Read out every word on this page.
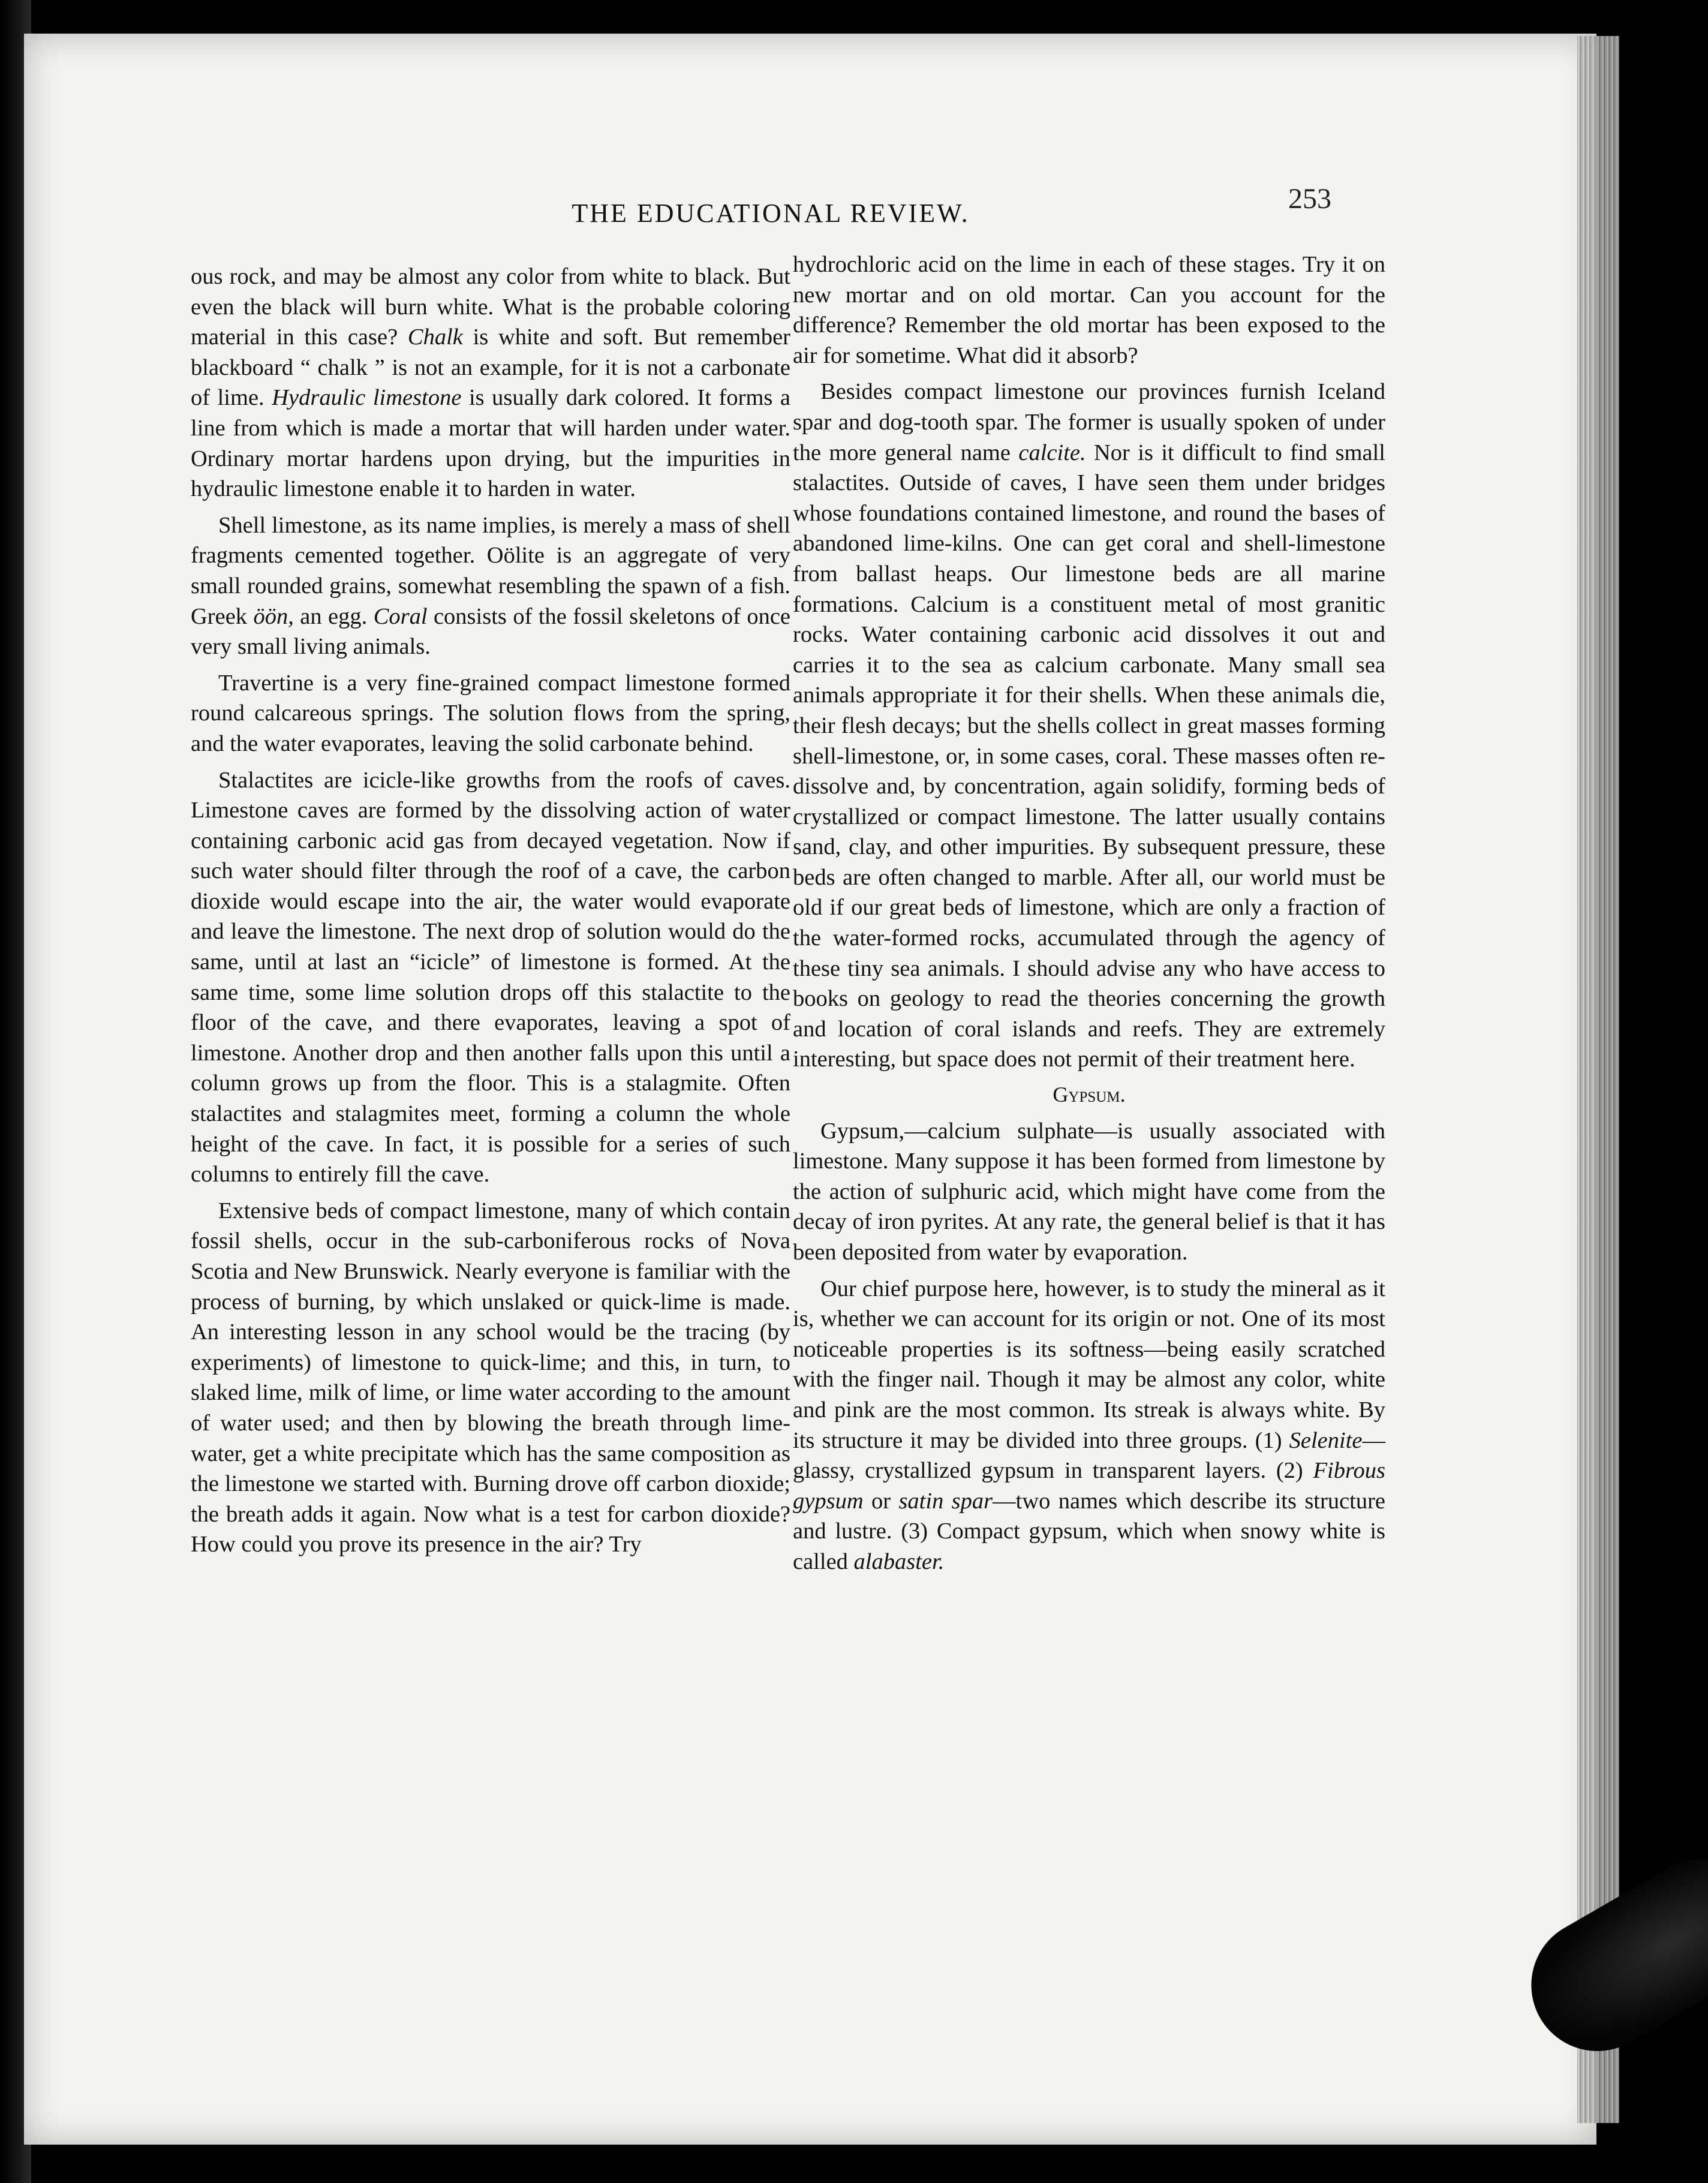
THE EDUCATIONAL REVIEW.	253

ous rock, and may be almost any color from white to black. But even the black will burn white. What is the probable coloring material in this case? Chalk is white and soft. But remember blackboard “ chalk ” is not an example, for it is not a carbonate of lime. Hydraulic limestone is usually dark colored. It forms a line from which is made a mortar that will harden under water. Ordinary mortar hardens upon drying, but the impurities in hydraulic limestone enable it to harden in water.

Shell limestone, as its name implies, is merely a mass of shell fragments cemented together. Oölite is an aggregate of very small rounded grains, somewhat resembling the spawn of a fish. Greek öön, an egg. Coral consists of the fossil skeletons of once very small living animals.

Travertine is a very fine-grained compact limestone formed round calcareous springs. The solution flows from the spring, and the water evaporates, leaving the solid carbonate behind.

Stalactites are icicle-like growths from the roofs of caves. Limestone caves are formed by the dissolving action of water containing carbonic acid gas from decayed vegetation. Now if such water should filter through the roof of a cave, the carbon dioxide would escape into the air, the water would evaporate and leave the limestone. The next drop of solution would do the same, until at last an “icicle” of limestone is formed. At the same time, some lime solution drops off this stalactite to the floor of the cave, and there evaporates, leaving a spot of limestone. Another drop and then another falls upon this until a column grows up from the floor. This is a stalagmite. Often stalactites and stalagmites meet, forming a column the whole height of the cave. In fact, it is possible for a series of such columns to entirely fill the cave.

Extensive beds of compact limestone, many of which contain fossil shells, occur in the sub-carboniferous rocks of Nova Scotia and New Brunswick. Nearly everyone is familiar with the process of burning, by which unslaked or quick-lime is made. An interesting lesson in any school would be the tracing (by experiments) of limestone to quick-lime; and this, in turn, to slaked lime, milk of lime, or lime water according to the amount of water used; and then by blowing the breath through lime-water, get a white precipitate which has the same composition as the limestone we started with. Burning drove off carbon dioxide; the breath adds it again. Now what is a test for carbon dioxide? How could you prove its presence in the air? Try

hydrochloric acid on the lime in each of these stages. Try it on new mortar and on old mortar. Can you account for the difference? Remember the old mortar has been exposed to the air for sometime. What did it absorb?

Besides compact limestone our provinces furnish Iceland spar and dog-tooth spar. The former is usually spoken of under the more general name calcite. Nor is it difficult to find small stalactites. Outside of caves, I have seen them under bridges whose foundations contained limestone, and round the bases of abandoned lime-kilns. One can get coral and shell-limestone from ballast heaps. Our limestone beds are all marine formations. Calcium is a constituent metal of most granitic rocks. Water containing carbonic acid dissolves it out and carries it to the sea as calcium carbonate. Many small sea animals appropriate it for their shells. When these animals die, their flesh decays; but the shells collect in great masses forming shell-limestone, or, in some cases, coral. These masses often re-dissolve and, by concentration, again solidify, forming beds of crystallized or compact limestone. The latter usually contains sand, clay, and other impurities. By subsequent pressure, these beds are often changed to marble. After all, our world must be old if our great beds of limestone, which are only a fraction of the water-formed rocks, accumulated through the agency of these tiny sea animals. I should advise any who have access to books on geology to read the theories concerning the growth and location of coral islands and reefs. They are extremely interesting, but space does not permit of their treatment here.

Gypsum.

Gypsum,—calcium sulphate—is usually associated with limestone. Many suppose it has been formed from limestone by the action of sulphuric acid, which might have come from the decay of iron pyrites. At any rate, the general belief is that it has been deposited from water by evaporation.

Our chief purpose here, however, is to study the mineral as it is, whether we can account for its origin or not. One of its most noticeable properties is its softness—being easily scratched with the finger nail. Though it may be almost any color, white and pink are the most common. Its streak is always white. By its structure it may be divided into three groups. (1) Selenite—glassy, crystallized gypsum in transparent layers. (2) Fibrous gypsum or satin spar—two names which describe its structure and lustre. (3) Compact gypsum, which when snowy white is called alabaster.
